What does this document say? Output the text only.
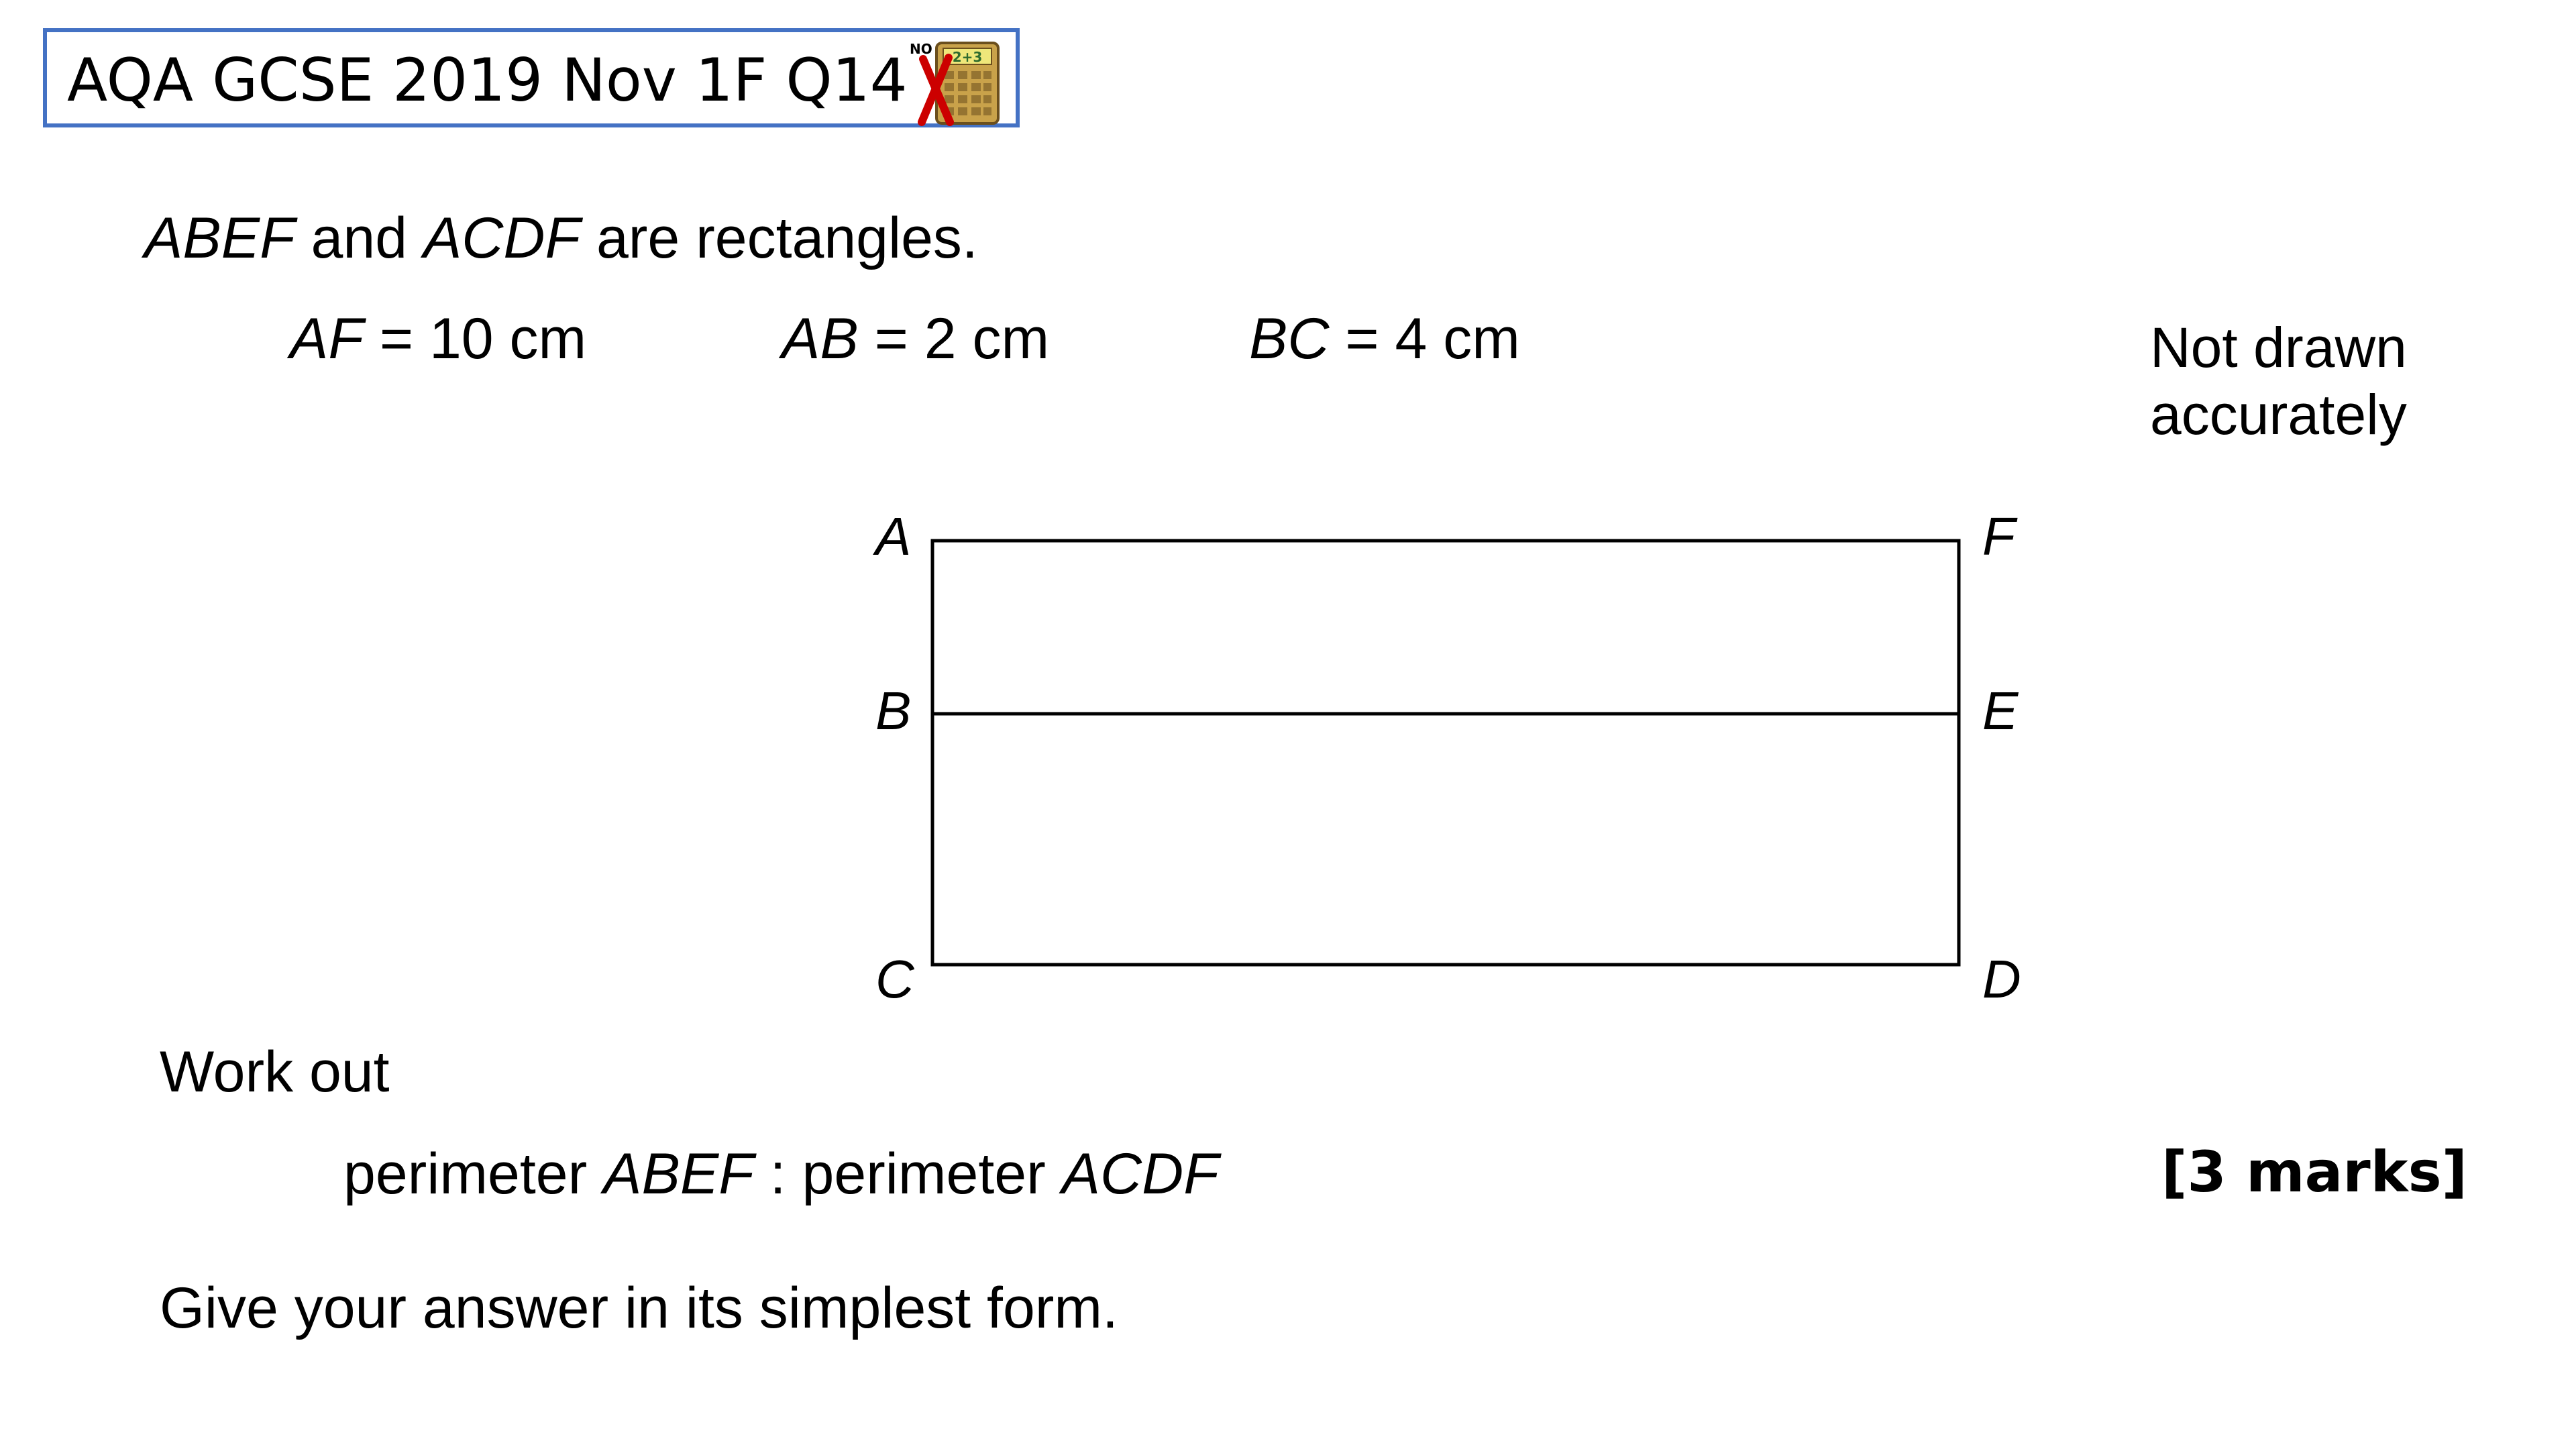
AQA GCSE 2019 Nov 1F Q14 NO 2+3
ABEF and ACDF are rectangles.
AF = 10 cm	AB = 2 cm	BC = 4 cm	Not drawn
accurately
A	F
B	E
C	D
Work out
perimeter ABEF : perimeter ACDF	[3 marks]
Give your answer in its simplest form.
